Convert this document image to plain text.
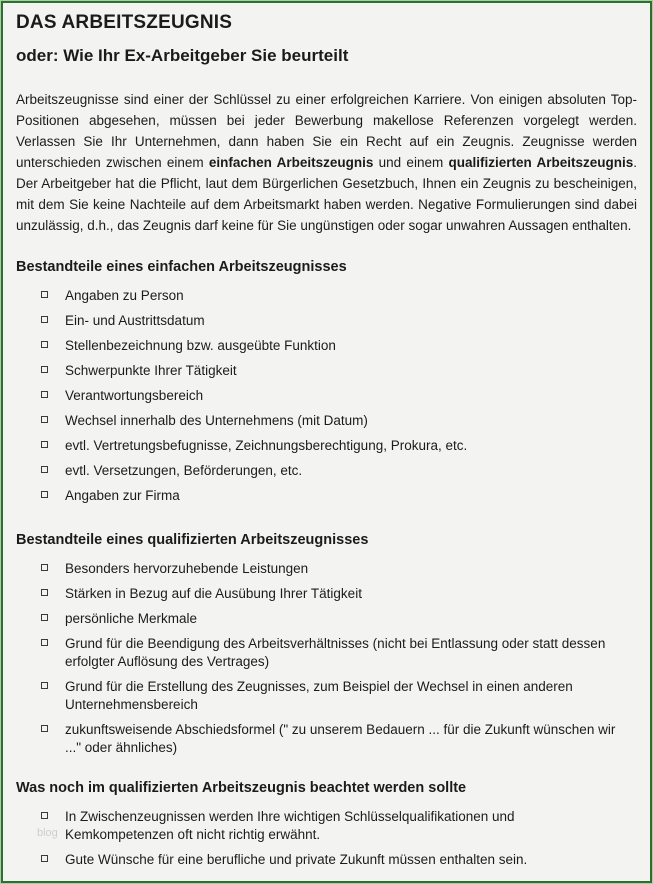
DAS ARBEITSZEUGNIS
oder: Wie Ihr Ex-Arbeitgeber Sie beurteilt

Arbeitszeugnisse sind einer der Schlüssel zu einer erfolgreichen Karriere. Von einigen absoluten Top-Positionen abgesehen, müssen bei jeder Bewerbung makellose Referenzen vorgelegt werden. Verlassen Sie Ihr Unternehmen, dann haben Sie ein Recht auf ein Zeugnis. Zeugnisse werden unterschieden zwischen einem einfachen Arbeitszeugnis und einem qualifizierten Arbeitszeugnis. Der Arbeitgeber hat die Pflicht, laut dem Bürgerlichen Gesetzbuch, Ihnen ein Zeugnis zu bescheinigen, mit dem Sie keine Nachteile auf dem Arbeitsmarkt haben werden. Negative Formulierungen sind dabei unzulässig, d.h., das Zeugnis darf keine für Sie ungünstigen oder sogar unwahren Aussagen enthalten.

Bestandteile eines einfachen Arbeitszeugnisses
Angaben zu Person
Ein- und Austrittsdatum
Stellenbezeichnung bzw. ausgeübte Funktion
Schwerpunkte Ihrer Tätigkeit
Verantwortungsbereich
Wechsel innerhalb des Unternehmens (mit Datum)
evtl. Vertretungsbefugnisse, Zeichnungsberechtigung, Prokura, etc.
evtl. Versetzungen, Beförderungen, etc.
Angaben zur Firma
Bestandteile eines qualifizierten Arbeitszeugnisses
Besonders hervorzuhebende Leistungen
Stärken in Bezug auf die Ausübung Ihrer Tätigkeit
persönliche Merkmale
Grund für die Beendigung des Arbeitsverhältnisses (nicht bei Entlassung oder statt dessen erfolgter Auflösung des Vertrages)
Grund für die Erstellung des Zeugnisses, zum Beispiel der Wechsel in einen anderen Unternehmensbereich
zukunftsweisende Abschiedsformel (" zu unserem Bedauern ... für die Zukunft wünschen wir ..." oder ähnliches)
Was noch im qualifizierten Arbeitszeugnis beachtet werden sollte
In Zwischenzeugnissen werden Ihre wichtigen Schlüsselqualifikationen und Kemkompetenzen oft nicht richtig erwähnt.
Gute Wünsche für eine berufliche und private Zukunft müssen enthalten sein.
blog
